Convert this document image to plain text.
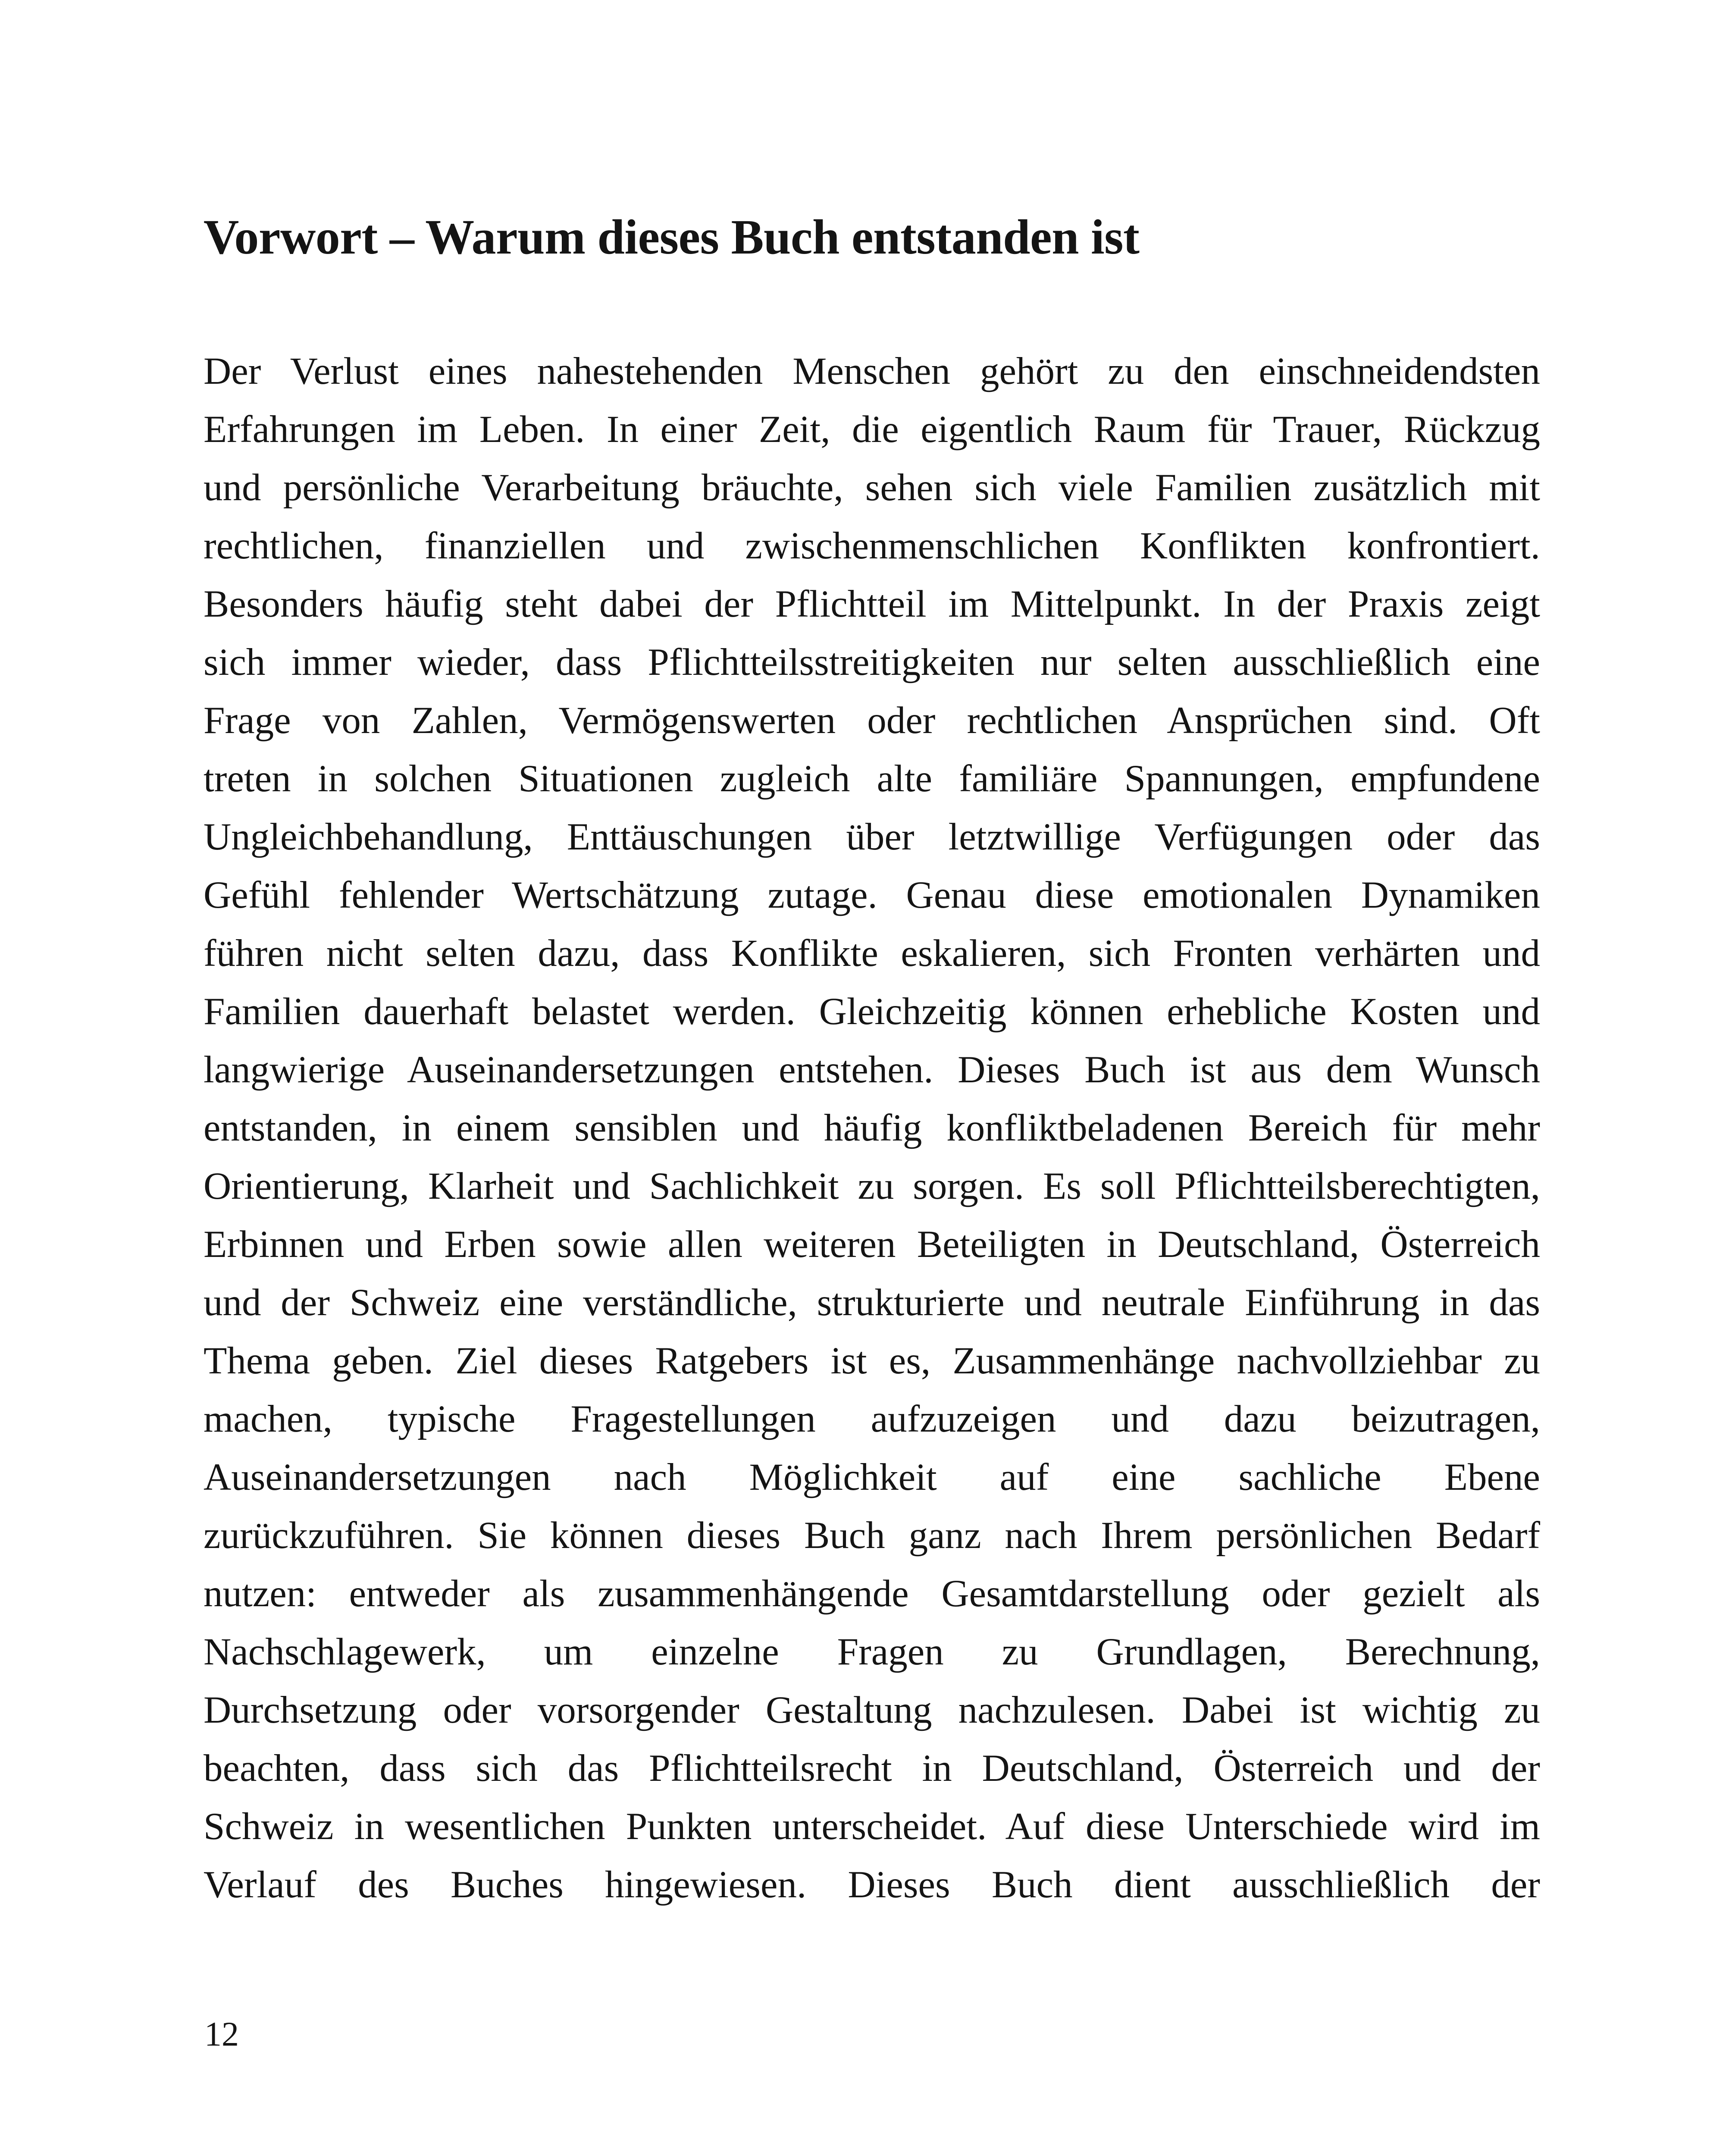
Vorwort – Warum dieses Buch entstanden ist
Der Verlust eines nahestehenden Menschen gehört zu den einschneidendsten
Erfahrungen im Leben. In einer Zeit, die eigentlich Raum für Trauer, Rückzug
und persönliche Verarbeitung bräuchte, sehen sich viele Familien zusätzlich mit
rechtlichen, finanziellen und zwischenmenschlichen Konflikten konfrontiert.
Besonders häufig steht dabei der Pflichtteil im Mittelpunkt. In der Praxis zeigt
sich immer wieder, dass Pflichtteilsstreitigkeiten nur selten ausschließlich eine
Frage von Zahlen, Vermögenswerten oder rechtlichen Ansprüchen sind. Oft
treten in solchen Situationen zugleich alte familiäre Spannungen, empfundene
Ungleichbehandlung, Enttäuschungen über letztwillige Verfügungen oder das
Gefühl fehlender Wertschätzung zutage. Genau diese emotionalen Dynamiken
führen nicht selten dazu, dass Konflikte eskalieren, sich Fronten verhärten und
Familien dauerhaft belastet werden. Gleichzeitig können erhebliche Kosten und
langwierige Auseinandersetzungen entstehen. Dieses Buch ist aus dem Wunsch
entstanden, in einem sensiblen und häufig konfliktbeladenen Bereich für mehr
Orientierung, Klarheit und Sachlichkeit zu sorgen. Es soll Pflichtteilsberechtigten,
Erbinnen und Erben sowie allen weiteren Beteiligten in Deutschland, Österreich
und der Schweiz eine verständliche, strukturierte und neutrale Einführung in das
Thema geben. Ziel dieses Ratgebers ist es, Zusammenhänge nachvollziehbar zu
machen, typische Fragestellungen aufzuzeigen und dazu beizutragen,
Auseinandersetzungen nach Möglichkeit auf eine sachliche Ebene
zurückzuführen. Sie können dieses Buch ganz nach Ihrem persönlichen Bedarf
nutzen: entweder als zusammenhängende Gesamtdarstellung oder gezielt als
Nachschlagewerk, um einzelne Fragen zu Grundlagen, Berechnung,
Durchsetzung oder vorsorgender Gestaltung nachzulesen. Dabei ist wichtig zu
beachten, dass sich das Pflichtteilsrecht in Deutschland, Österreich und der
Schweiz in wesentlichen Punkten unterscheidet. Auf diese Unterschiede wird im
Verlauf des Buches hingewiesen. Dieses Buch dient ausschließlich der

12
